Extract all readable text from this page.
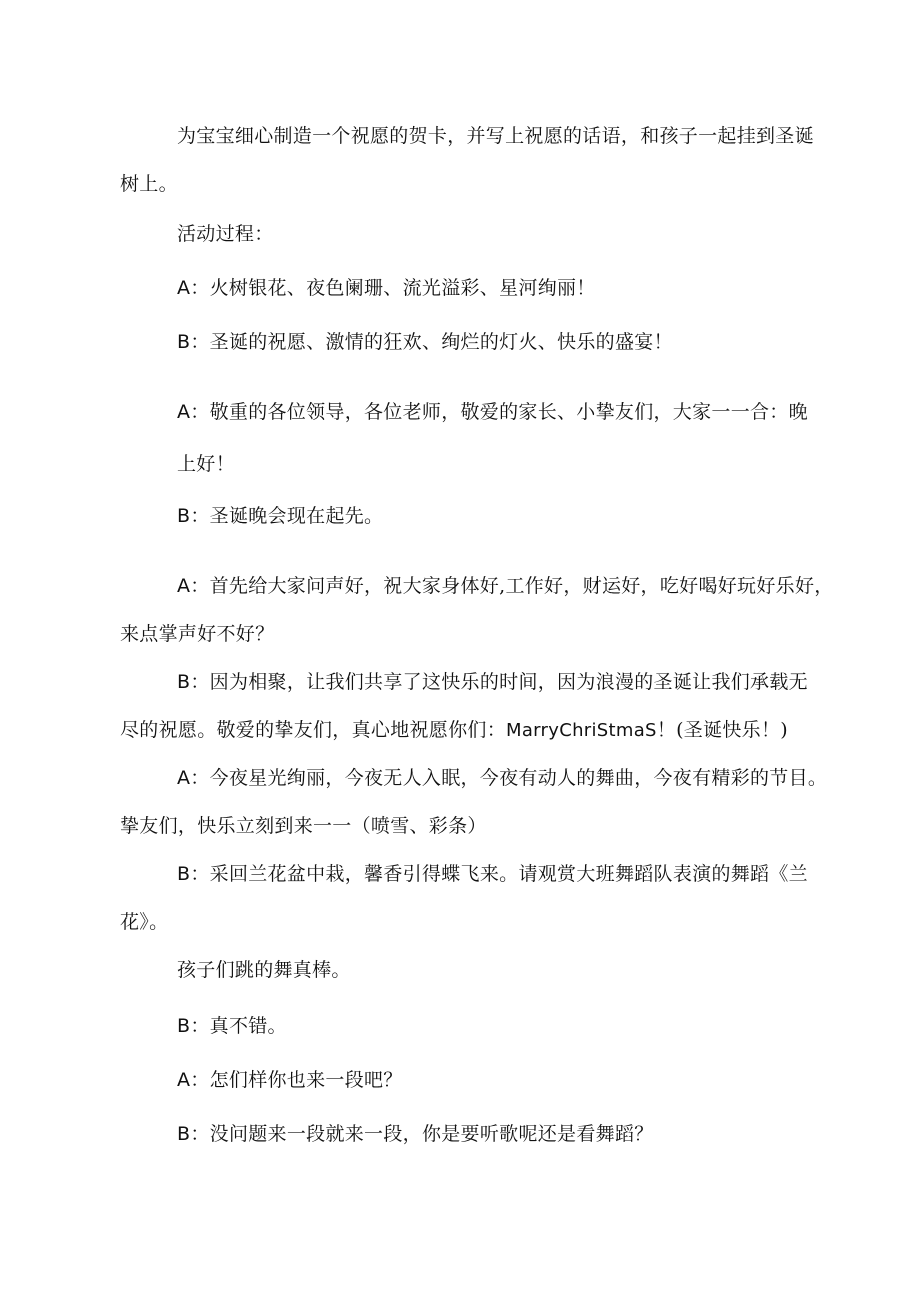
为宝宝细心制造一个祝愿的贺卡，并写上祝愿的话语，和孩子一起挂到圣诞
树上。
活动过程：
A：火树银花、夜色阑珊、流光溢彩、星河绚丽！
B：圣诞的祝愿、激情的狂欢、绚烂的灯火、快乐的盛宴！
A：敬重的各位领导，各位老师，敬爱的家长、小挚友们，大家一一合：晚
上好！
B：圣诞晚会现在起先。
A：首先给大家问声好，祝大家身体好,工作好，财运好，吃好喝好玩好乐好，
来点掌声好不好？
B：因为相聚，让我们共享了这快乐的时间，因为浪漫的圣诞让我们承载无
尽的祝愿。敬爱的挚友们，真心地祝愿你们：MarryChriStmaS！(圣诞快乐！)
A：今夜星光绚丽，今夜无人入眠，今夜有动人的舞曲，今夜有精彩的节目。
挚友们，快乐立刻到来一一（喷雪、彩条）
B：采回兰花盆中栽，馨香引得蝶飞来。请观赏大班舞蹈队表演的舞蹈《兰
花》。
孩子们跳的舞真棒。
B：真不错。
A：怎们样你也来一段吧？
B：没问题来一段就来一段，你是要听歌呢还是看舞蹈？
